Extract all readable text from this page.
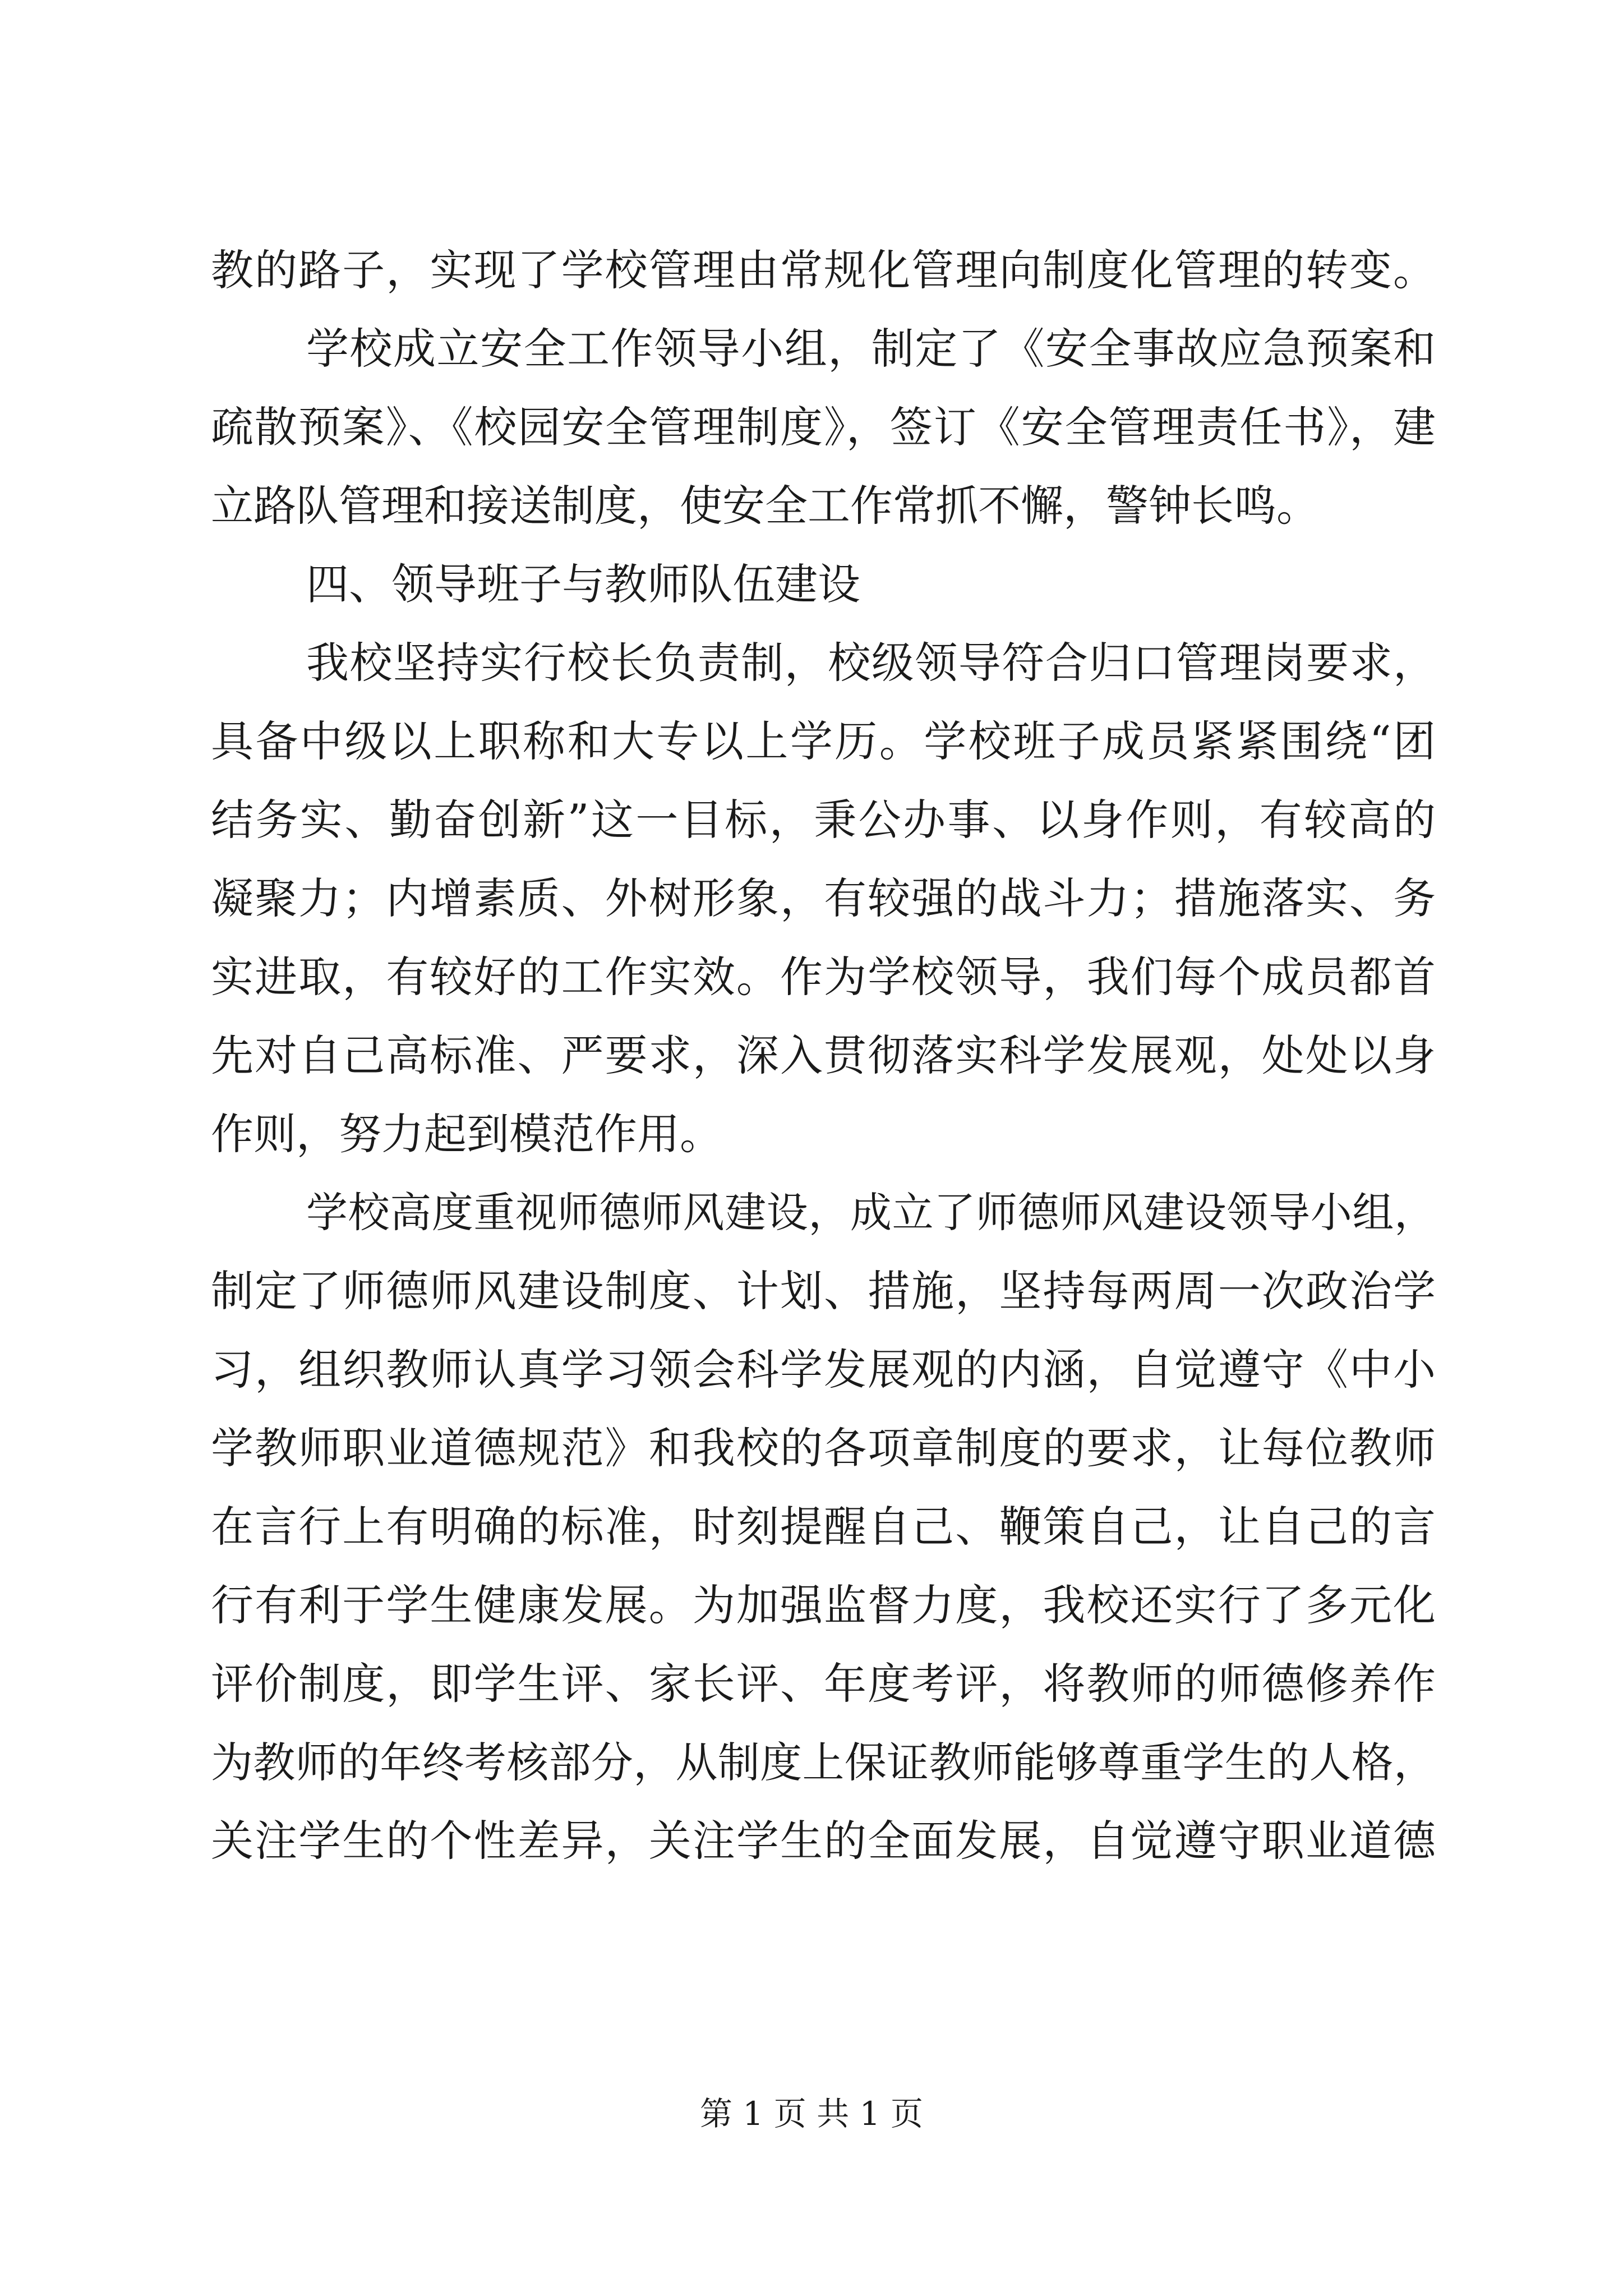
教的路子，实现了学校管理由常规化管理向制度化管理的转变。
学校成立安全工作领导小组，制定了《安全事故应急预案和
疏散预案》、《校园安全管理制度》，签订《安全管理责任书》，建
立路队管理和接送制度，使安全工作常抓不懈，警钟长鸣。
四、领导班子与教师队伍建设
我校坚持实行校长负责制，校级领导符合归口管理岗要求，
具备中级以上职称和大专以上学历。学校班子成员紧紧围绕“团
结务实、勤奋创新”这一目标，秉公办事、以身作则，有较高的
凝聚力；内增素质、外树形象，有较强的战斗力；措施落实、务
实进取，有较好的工作实效。作为学校领导，我们每个成员都首
先对自己高标准、严要求，深入贯彻落实科学发展观，处处以身
作则，努力起到模范作用。
学校高度重视师德师风建设，成立了师德师风建设领导小组，
制定了师德师风建设制度、计划、措施，坚持每两周一次政治学
习，组织教师认真学习领会科学发展观的内涵，自觉遵守《中小
学教师职业道德规范》和我校的各项章制度的要求，让每位教师
在言行上有明确的标准，时刻提醒自己、鞭策自己，让自己的言
行有利于学生健康发展。为加强监督力度，我校还实行了多元化
评价制度，即学生评、家长评、年度考评，将教师的师德修养作
为教师的年终考核部分，从制度上保证教师能够尊重学生的人格，
关注学生的个性差异，关注学生的全面发展，自觉遵守职业道德
第 1 页 共 1 页
